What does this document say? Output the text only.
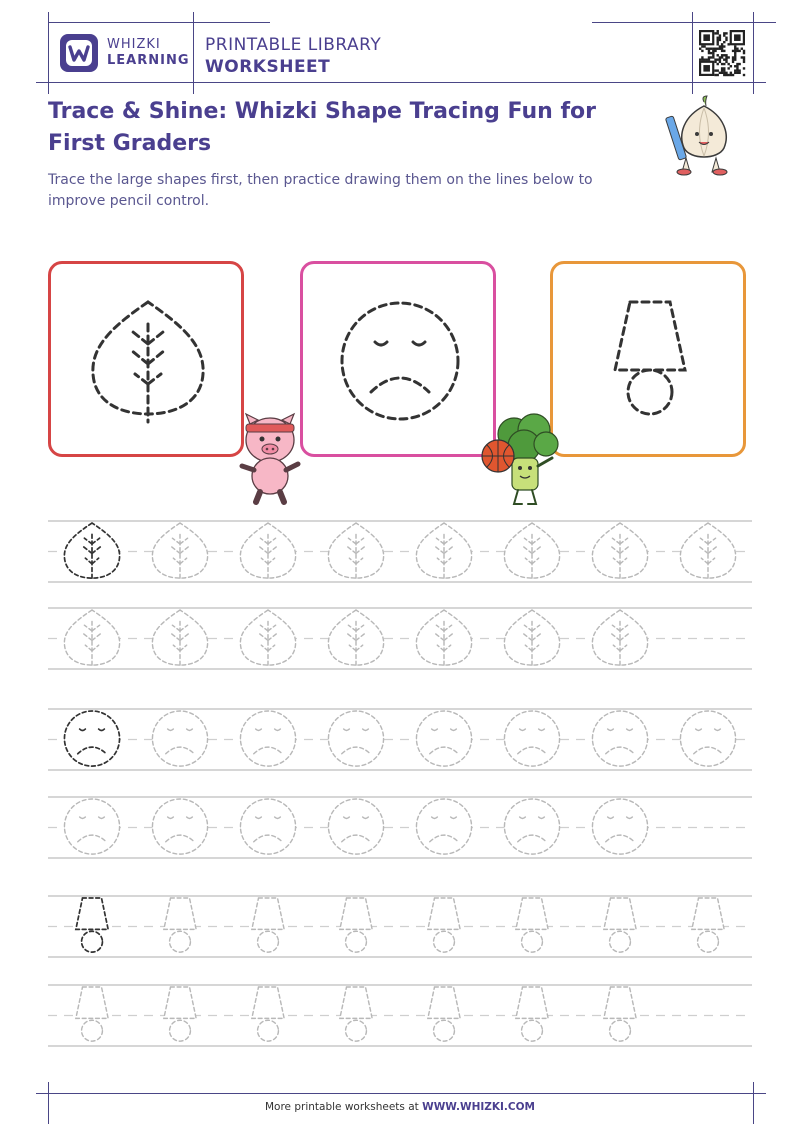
WHIZKI
LEARNING
PRINTABLE LIBRARY
WORKSHEET
Trace & Shine: Whizki Shape Tracing Fun for First Graders
Trace the large shapes first, then practice drawing them on the lines below to improve pencil control.
More printable worksheets at WWW.WHIZKI.COM
